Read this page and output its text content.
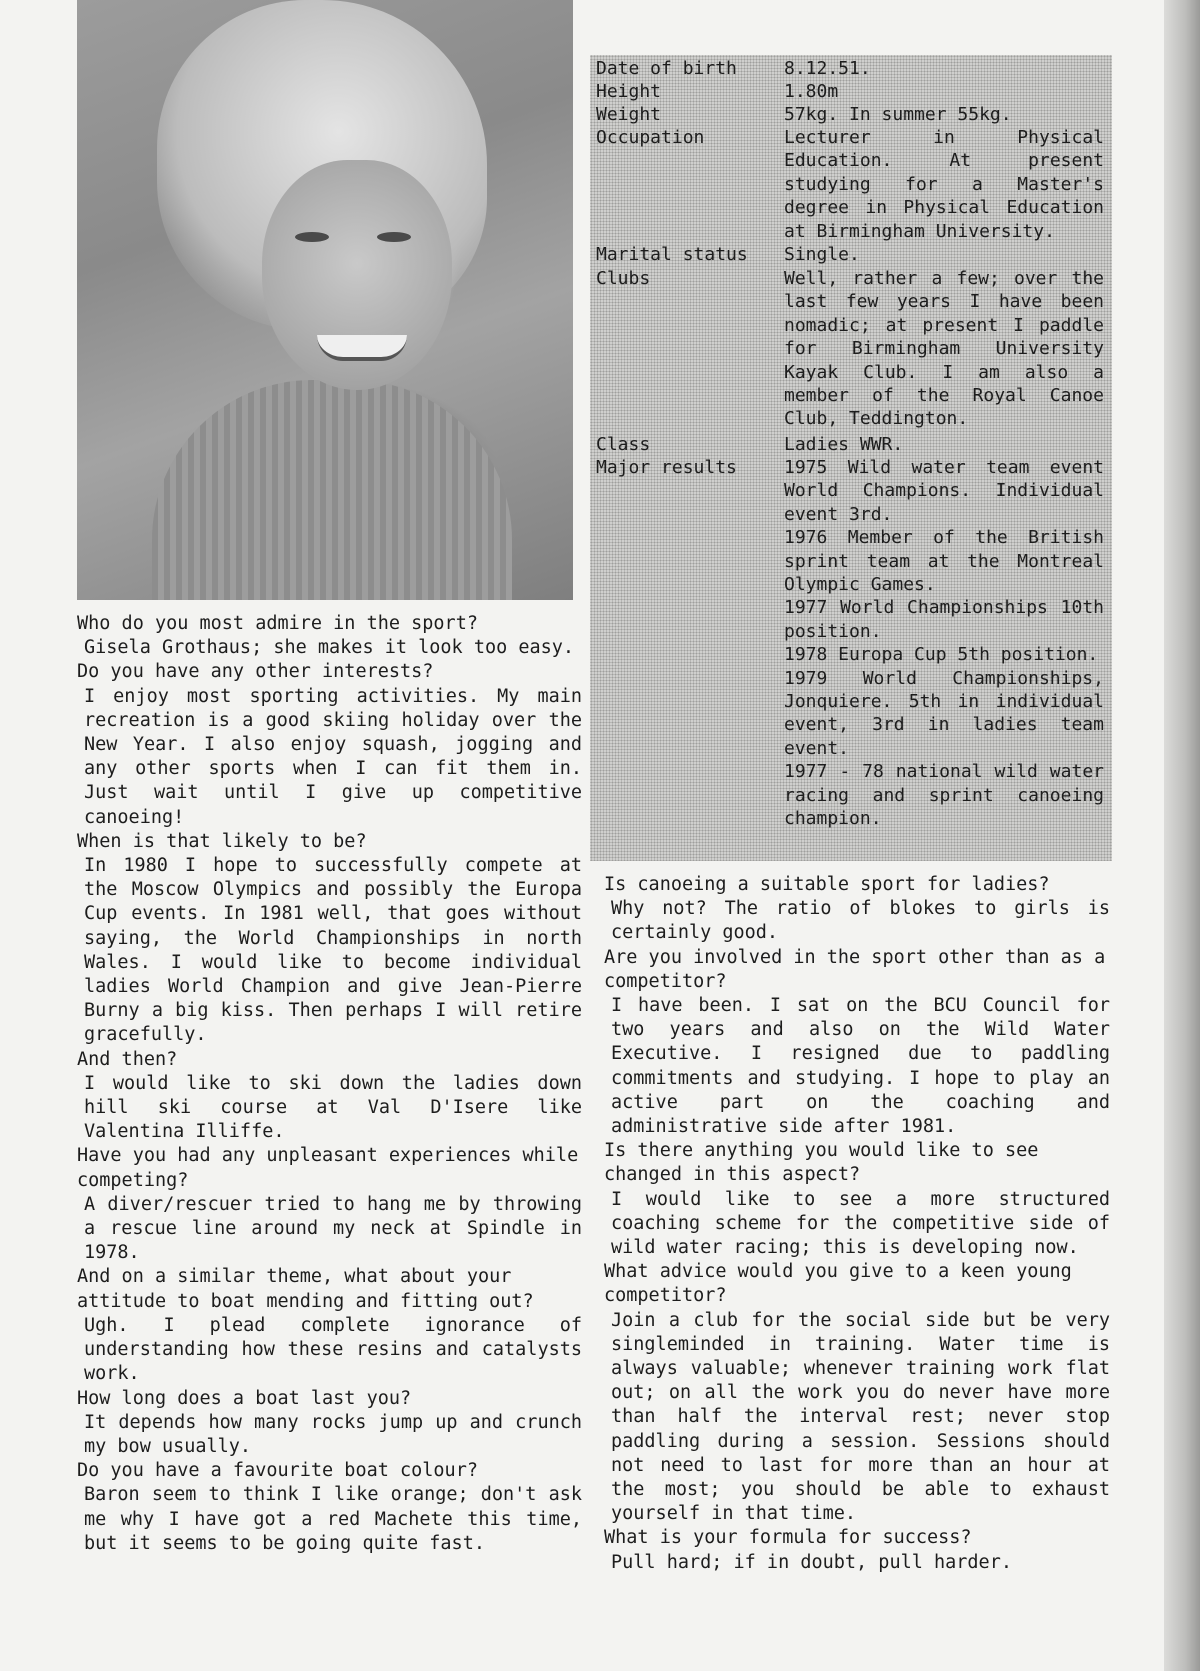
Date of birth	8.12.51.
Height	1.80m
Weight	57kg. In summer 55kg.
Occupation	Lecturer in Physical Education. At present studying for a Master's degree in Physical Education at Birmingham University.
Marital status	Single.
Clubs	Well, rather a few; over the last few years I have been nomadic; at present I paddle for Birmingham University Kayak Club. I am also a member of the Royal Canoe Club, Teddington.
Class	Ladies WWR.
Major results	1975 Wild water team event World Champions. Individual event 3rd.
1976 Member of the British sprint team at the Montreal Olympic Games.
1977 World Championships 10th position.
1978 Europa Cup 5th position.
1979 World Championships, Jonquiere. 5th in individual event, 3rd in ladies team event.
1977 - 78 national wild water racing and sprint canoeing champion.

Who do you most admire in the sport?

Gisela Grothaus; she makes it look too easy.

Do you have any other interests?

I enjoy most sporting activities. My main recreation is a good skiing holiday over the New Year. I also enjoy squash, jogging and any other sports when I can fit them in. Just wait until I give up competitive canoeing!

When is that likely to be?

In 1980 I hope to successfully compete at the Moscow Olympics and possibly the Europa Cup events. In 1981 well, that goes without saying, the World Championships in north Wales. I would like to become individual ladies World Champion and give Jean-Pierre Burny a big kiss. Then perhaps I will retire gracefully.

And then?

I would like to ski down the ladies down hill ski course at Val D'Isere like Valentina Illiffe.

Have you had any unpleasant experiences while competing?

A diver/rescuer tried to hang me by throwing a rescue line around my neck at Spindle in 1978.

And on a similar theme, what about your attitude to boat mending and fitting out?

Ugh. I plead complete ignorance of understanding how these resins and catalysts work.

How long does a boat last you?

It depends how many rocks jump up and crunch my bow usually.

Do you have a favourite boat colour?

Baron seem to think I like orange; don't ask me why I have got a red Machete this time, but it seems to be going quite fast.

Is canoeing a suitable sport for ladies?

Why not? The ratio of blokes to girls is certainly good.

Are you involved in the sport other than as a competitor?

I have been. I sat on the BCU Council for two years and also on the Wild Water Executive. I resigned due to paddling commitments and studying. I hope to play an active part on the coaching and administrative side after 1981.

Is there anything you would like to see changed in this aspect?

I would like to see a more structured coaching scheme for the competitive side of wild water racing; this is developing now.

What advice would you give to a keen young competitor?

Join a club for the social side but be very singleminded in training. Water time is always valuable; whenever training work flat out; on all the work you do never have more than half the interval rest; never stop paddling during a session. Sessions should not need to last for more than an hour at the most; you should be able to exhaust yourself in that time.

What is your formula for success?

Pull hard; if in doubt, pull harder.
